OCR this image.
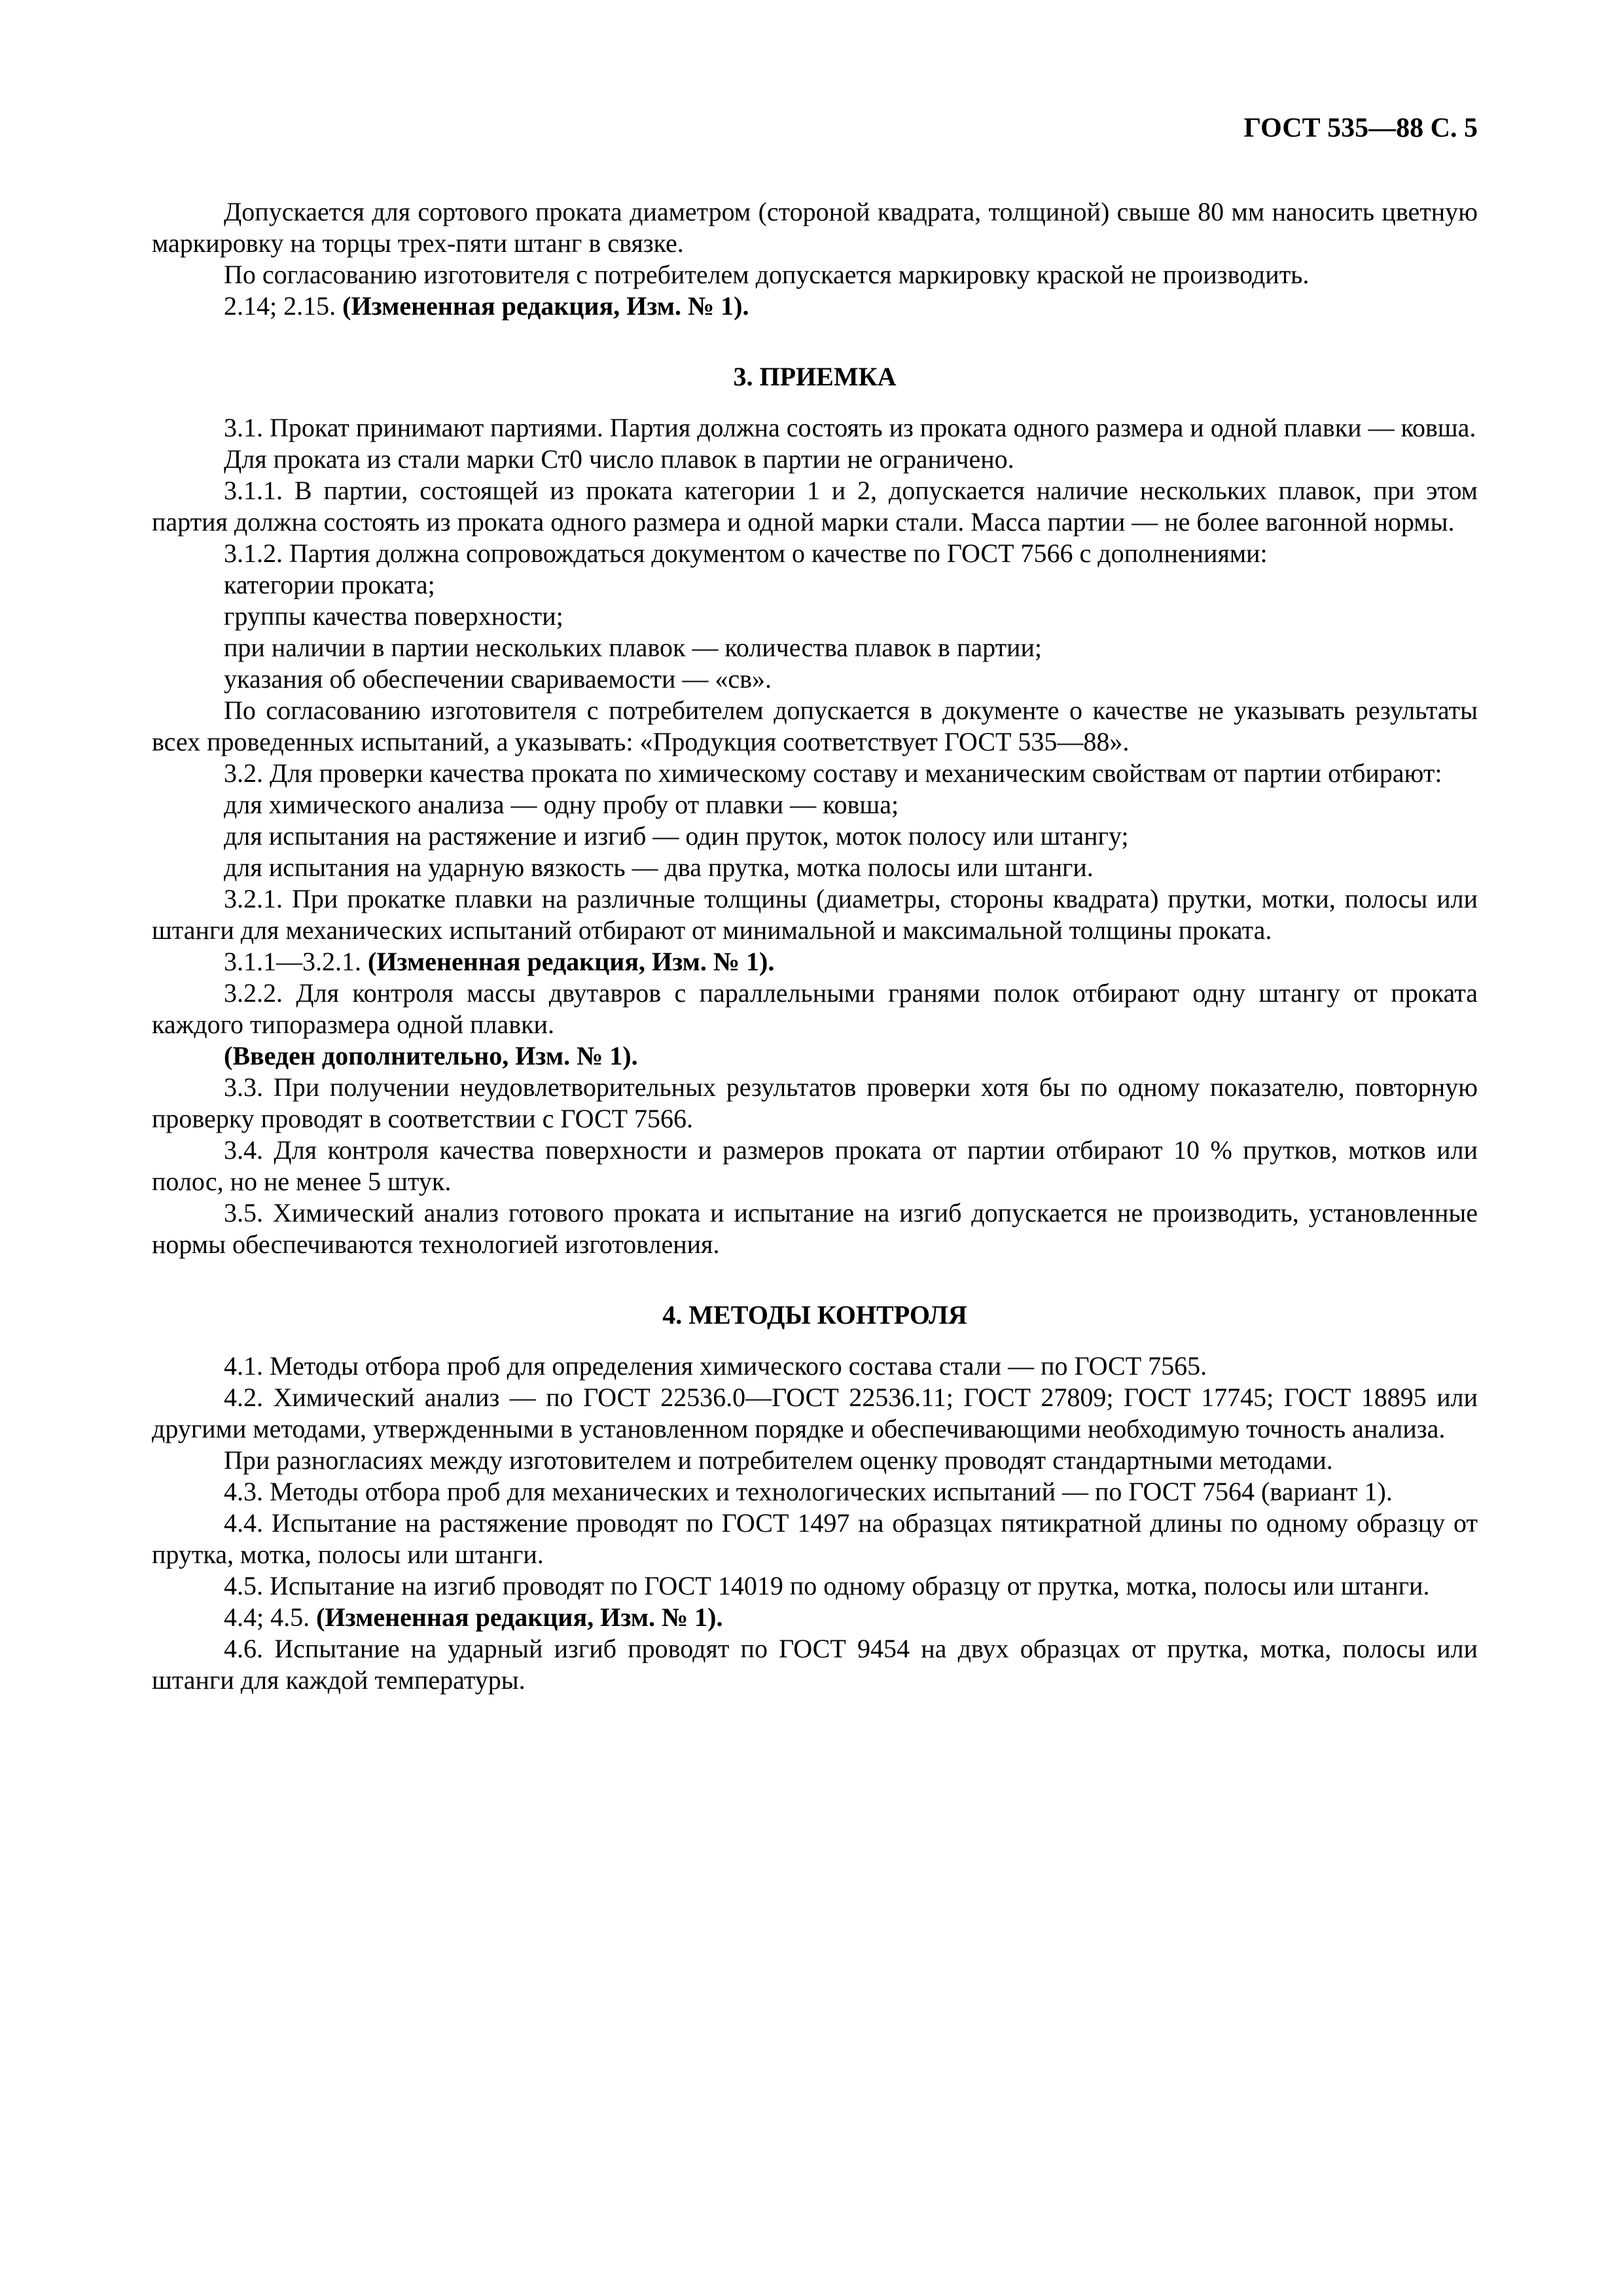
ГОСТ 535—88 С. 5

Допускается для сортового проката диаметром (стороной квадрата, толщиной) свыше 80 мм наносить цветную маркировку на торцы трех-пяти штанг в связке.

По согласованию изготовителя с потребителем допускается маркировку краской не производить.

2.14; 2.15. (Измененная редакция, Изм. № 1).

3. ПРИЕМКА

3.1. Прокат принимают партиями. Партия должна состоять из проката одного размера и одной плавки — ковша.

Для проката из стали марки Ст0 число плавок в партии не ограничено.

3.1.1. В партии, состоящей из проката категории 1 и 2, допускается наличие нескольких плавок, при этом партия должна состоять из проката одного размера и одной марки стали. Масса партии — не более вагонной нормы.

3.1.2. Партия должна сопровождаться документом о качестве по ГОСТ 7566 с дополнениями:

категории проката;

группы качества поверхности;

при наличии в партии нескольких плавок — количества плавок в партии;

указания об обеспечении свариваемости — «св».

По согласованию изготовителя с потребителем допускается в документе о качестве не указывать результаты всех проведенных испытаний, а указывать: «Продукция соответствует ГОСТ 535—88».

3.2. Для проверки качества проката по химическому составу и механическим свойствам от партии отбирают:

для химического анализа — одну пробу от плавки — ковша;

для испытания на растяжение и изгиб — один пруток, моток полосу или штангу;

для испытания на ударную вязкость — два прутка, мотка полосы или штанги.

3.2.1. При прокатке плавки на различные толщины (диаметры, стороны квадрата) прутки, мотки, полосы или штанги для механических испытаний отбирают от минимальной и максимальной толщины проката.

3.1.1—3.2.1. (Измененная редакция, Изм. № 1).

3.2.2. Для контроля массы двутавров с параллельными гранями полок отбирают одну штангу от проката каждого типоразмера одной плавки.

(Введен дополнительно, Изм. № 1).

3.3. При получении неудовлетворительных результатов проверки хотя бы по одному показателю, повторную проверку проводят в соответствии с ГОСТ 7566.

3.4. Для контроля качества поверхности и размеров проката от партии отбирают 10 % прутков, мотков или полос, но не менее 5 штук.

3.5. Химический анализ готового проката и испытание на изгиб допускается не производить, установленные нормы обеспечиваются технологией изготовления.

4. МЕТОДЫ КОНТРОЛЯ

4.1. Методы отбора проб для определения химического состава стали — по ГОСТ 7565.

4.2. Химический анализ — по ГОСТ 22536.0—ГОСТ 22536.11; ГОСТ 27809; ГОСТ 17745; ГОСТ 18895 или другими методами, утвержденными в установленном порядке и обеспечивающими необходимую точность анализа.

При разногласиях между изготовителем и потребителем оценку проводят стандартными методами.

4.3. Методы отбора проб для механических и технологических испытаний — по ГОСТ 7564 (вариант 1).

4.4. Испытание на растяжение проводят по ГОСТ 1497 на образцах пятикратной длины по одному образцу от прутка, мотка, полосы или штанги.

4.5. Испытание на изгиб проводят по ГОСТ 14019 по одному образцу от прутка, мотка, полосы или штанги.

4.4; 4.5. (Измененная редакция, Изм. № 1).

4.6. Испытание на ударный изгиб проводят по ГОСТ 9454 на двух образцах от прутка, мотка, полосы или штанги для каждой температуры.
